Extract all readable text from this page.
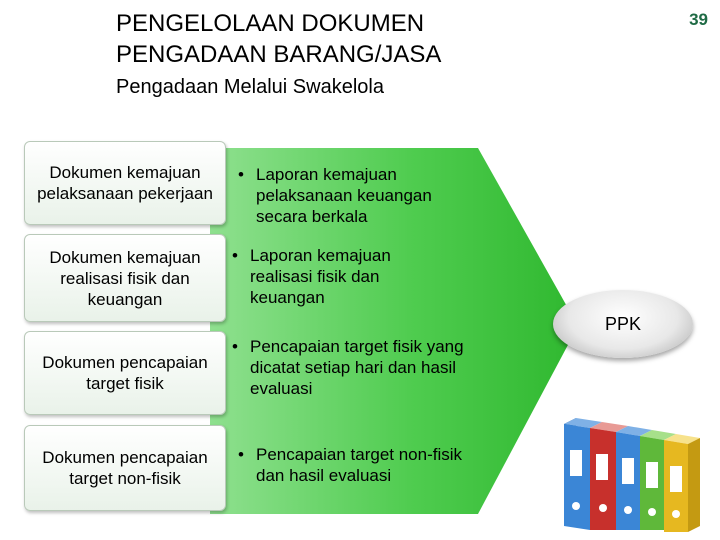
PENGELOLAAN DOKUMEN
PENGADAAN BARANG/JASA
Pengadaan Melalui Swakelola
39
Dokumen kemajuan pelaksanaan pekerjaan
Dokumen kemajuan realisasi fisik dan keuangan
Dokumen pencapaian target fisik
Dokumen pencapaian target non-fisik
• Laporan kemajuan pelaksanaan keuangan secara berkala
• Laporan kemajuan realisasi fisik dan keuangan
• Pencapaian target fisik yang dicatat setiap hari dan hasil evaluasi
• Pencapaian target non-fisik dan hasil evaluasi
PPK
